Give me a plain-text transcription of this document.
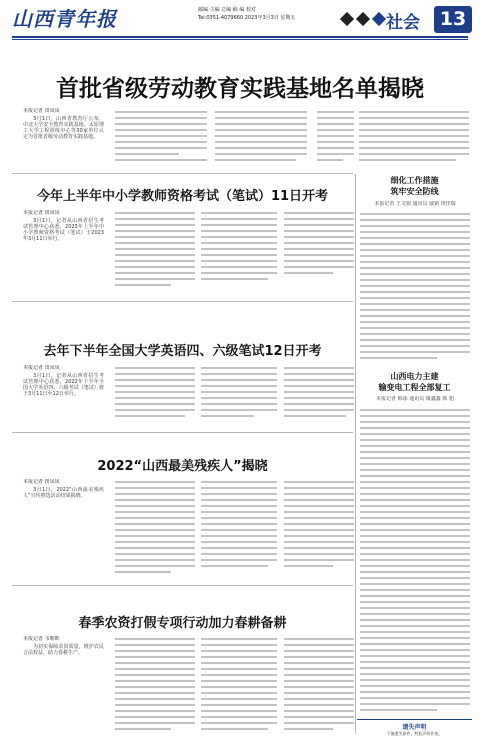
山西青年报	邮编 主编 总编 稿 编 校对
Tel:0351-4079660 2023年3月3日 星期五	社会	13
首批省级劳动教育实践基地名单揭晓
本报记者 田凤凤

3月1日，山西省教育厅公布，中北大学安全教育实践基地、太原理工大学工程训练中心等30家单位认定为首批省级劳动教育实践基地。

今年上半年中小学教师资格考试（笔试）11日开考
本报记者 田凤凤

3月1日，记者从山西省招生考试管理中心获悉，2023年上半年中小学教师资格考试（笔试）于2023年3月11日举行。

去年下半年全国大学英语四、六级笔试12日开考
本报记者 田凤凤

3月1日，记者从山西省招生考试管理中心获悉，2022年下半年全国大学英语四、六级考试（笔试）将于3月11日至12日举行。

2022“山西最美残疾人”揭晓
本报记者 田凤凤

3月1日，2022“山西最美残疾人”宣传推选活动结果揭晓。

春季农资打假专项行动加力春耕备耕
本报记者 韦朝晖

为切实保障农资质量，维护农民合法权益，助力春耕生产。

细化工作措施
筑牢安全防线
本报记者 王文娟 通讯员 戚铭 田佳瑞
山西电力主建
输变电工程全部复工
本报记者 韩冰 通讯员 康鑫鑫 韩 旭
遗失声明
不慎遗失原件，特此声明作废。
